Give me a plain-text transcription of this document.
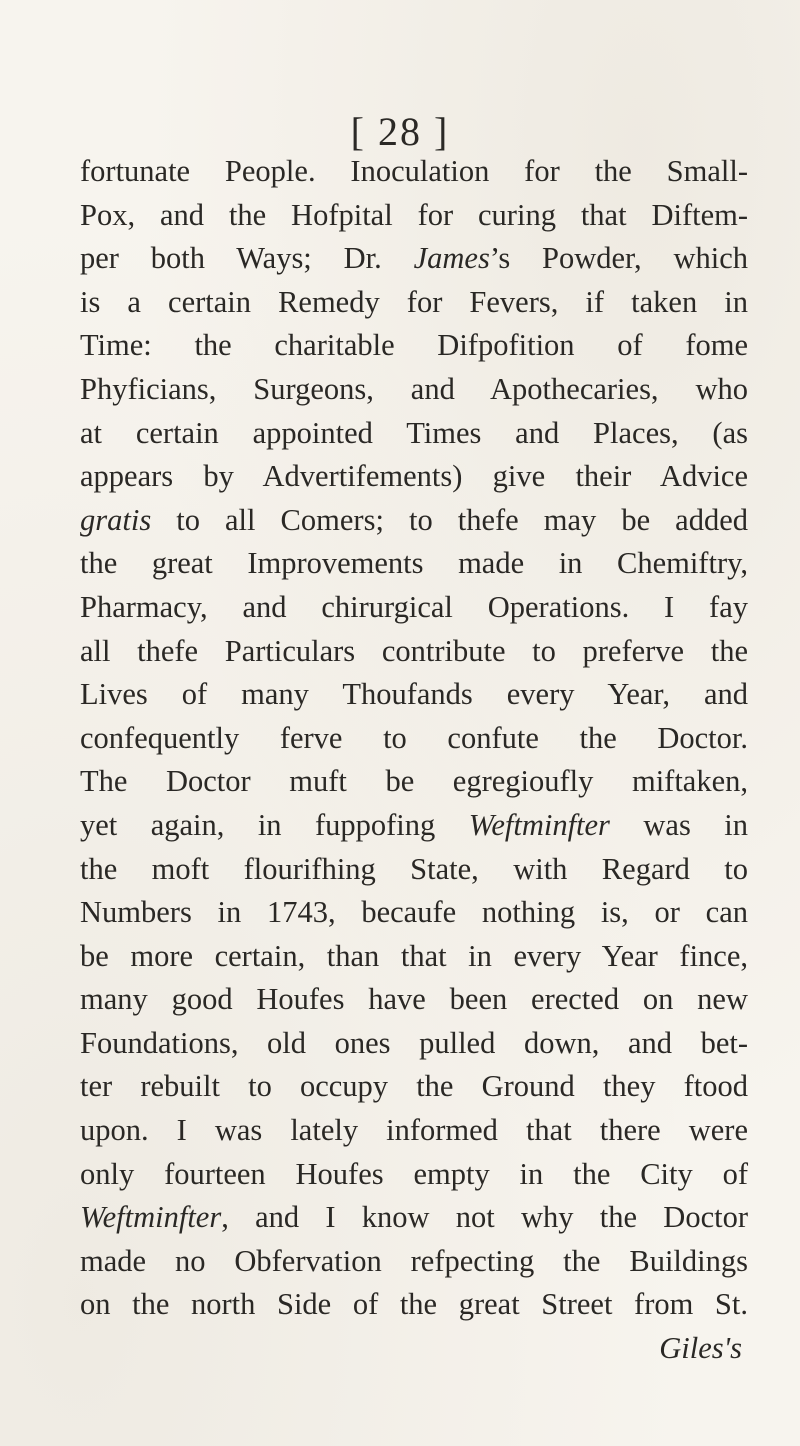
[ 28 ]
fortunate People. Inoculation for the Small-
Pox, and the Hofpital for curing that Diftem-
per both Ways; Dr. James’s Powder, which
is a certain Remedy for Fevers, if taken in
Time: the charitable Difpofition of fome
Phyficians, Surgeons, and Apothecaries, who
at certain appointed Times and Places, (as
appears by Advertifements) give their Advice
gratis to all Comers; to thefe may be added
the great Improvements made in Chemiftry,
Pharmacy, and chirurgical Operations. I fay
all thefe Particulars contribute to preferve the
Lives of many Thoufands every Year, and
confequently ferve to confute the Doctor.
The Doctor muft be egregioufly miftaken,
yet again, in fuppofing Weftminfter was in
the moft flourifhing State, with Regard to
Numbers in 1743, becaufe nothing is, or can
be more certain, than that in every Year fince,
many good Houfes have been erected on new
Foundations, old ones pulled down, and bet-
ter rebuilt to occupy the Ground they ftood
upon. I was lately informed that there were
only fourteen Houfes empty in the City of
Weftminfter, and I know not why the Doctor
made no Obfervation refpecting the Buildings
on the north Side of the great Street from St.
Giles's
